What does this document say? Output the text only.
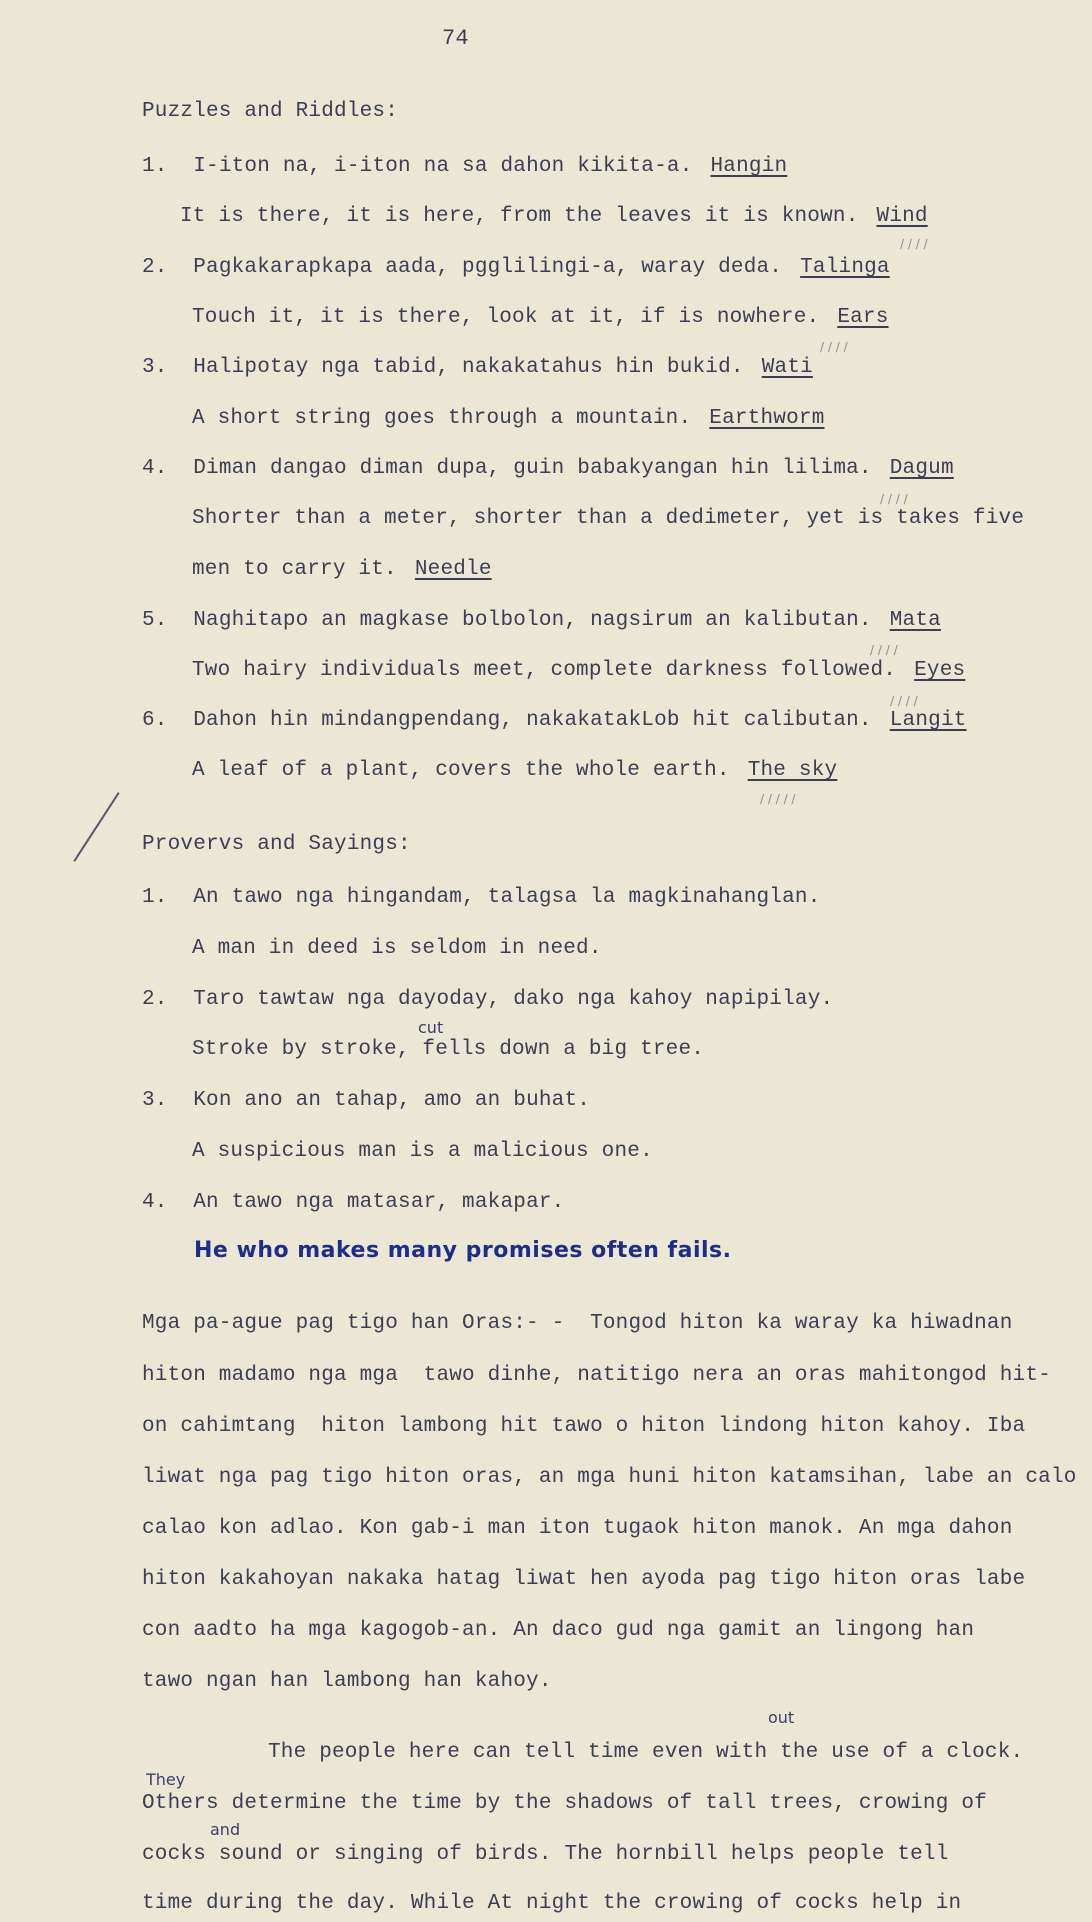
74
Puzzles and Riddles:
1. I-iton na, i-iton na sa dahon kikita-a. Hangin
It is there, it is here, from the leaves it is known. Wind
2. Pagkakarapkapa aada, pgglilingi-a, waray deda. Talinga
Touch it, it is there, look at it, if is nowhere. Ears
3. Halipotay nga tabid, nakakatahus hin bukid. Wati
A short string goes through a mountain. Earthworm
4. Diman dangao diman dupa, guin babakyangan hin lilima. Dagum
Shorter than a meter, shorter than a dedimeter, yet is takes five
men to carry it. Needle
5. Naghitapo an magkase bolbolon, nagsirum an kalibutan. Mata
Two hairy individuals meet, complete darkness followed. Eyes
6. Dahon hin mindangpendang, nakakatakLob hit calibutan. Langit
A leaf of a plant, covers the whole earth. The sky
/ / / /
/ / / /
/ / / /
/ / / /
/ / / /
/ / / / /
Provervs and Sayings:
1. An tawo nga hingandam, talagsa la magkinahanglan.
A man in deed is seldom in need.
2. Taro tawtaw nga dayoday, dako nga kahoy napipilay.
cut
Stroke by stroke, fells down a big tree.
3. Kon ano an tahap, amo an buhat.
A suspicious man is a malicious one.
4. An tawo nga matasar, makapar.
He who makes many promises often fails.
Mga pa-ague pag tigo han Oras:- -  Tongod hiton ka waray ka hiwadnan
hiton madamo nga mga  tawo dinhe, natitigo nera an oras mahitongod hit-
on cahimtang  hiton lambong hit tawo o hiton lindong hiton kahoy. Iba
liwat nga pag tigo hiton oras, an mga huni hiton katamsihan, labe an calo
calao kon adlao. Kon gab-i man iton tugaok hiton manok. An mga dahon
hiton kakahoyan nakaka hatag liwat hen ayoda pag tigo hiton oras labe
con aadto ha mga kagogob-an. An daco gud nga gamit an lingong han
tawo ngan han lambong han kahoy.
out
The people here can tell time even with the use of a clock.
They
Others determine the time by the shadows of tall trees, crowing of
and
cocks sound or singing of birds. The hornbill helps people tell
time during the day. While At night the crowing of cocks help in
